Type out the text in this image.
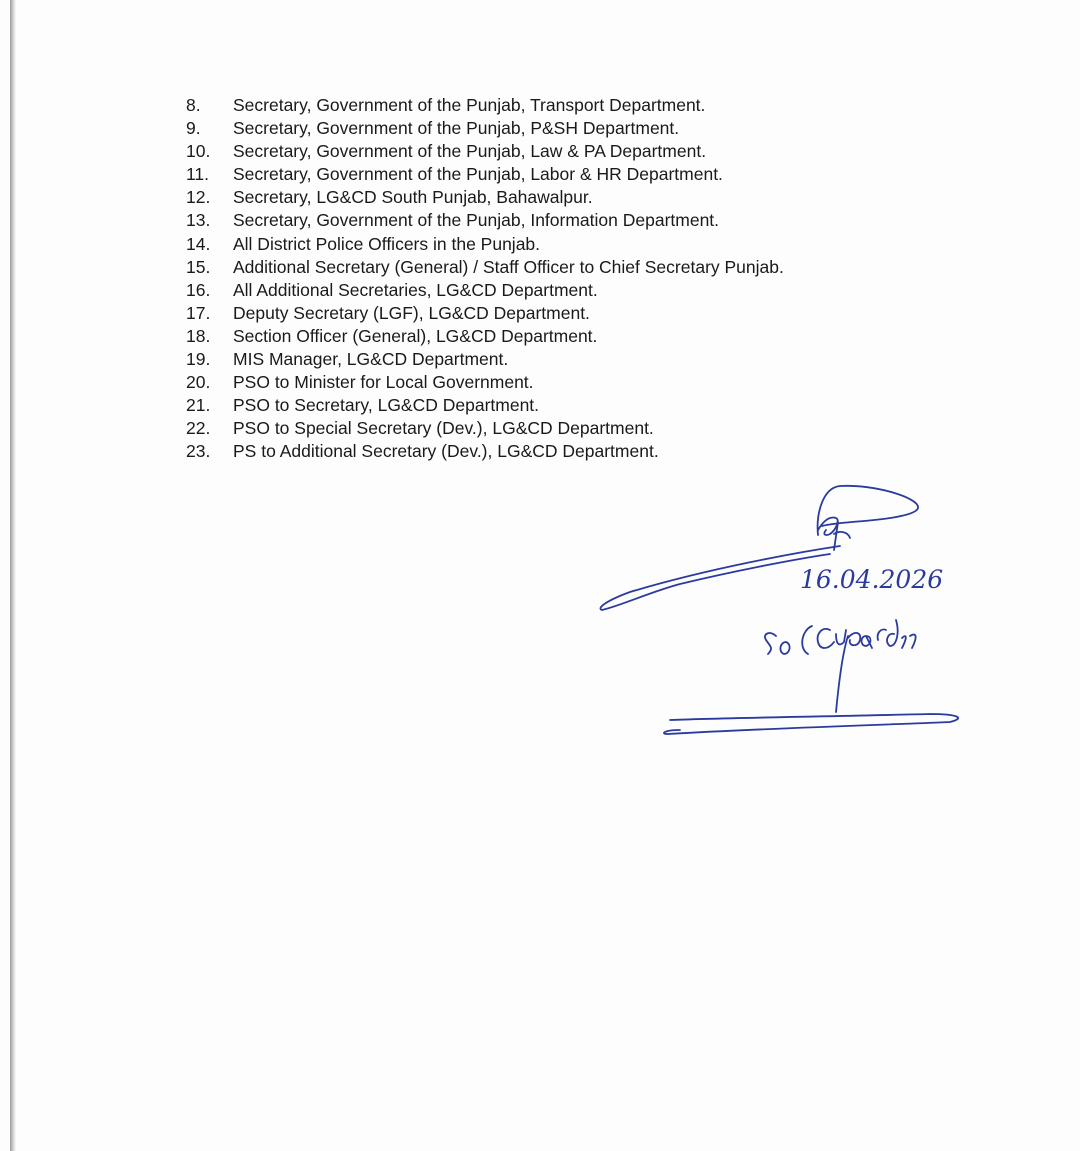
8. Secretary, Government of the Punjab, Transport Department.
9. Secretary, Government of the Punjab, P&SH Department.
10. Secretary, Government of the Punjab, Law & PA Department.
11. Secretary, Government of the Punjab, Labor & HR Department.
12. Secretary, LG&CD South Punjab, Bahawalpur.
13. Secretary, Government of the Punjab, Information Department.
14. All District Police Officers in the Punjab.
15. Additional Secretary (General) / Staff Officer to Chief Secretary Punjab.
16. All Additional Secretaries, LG&CD Department.
17. Deputy Secretary (LGF), LG&CD Department.
18. Section Officer (General), LG&CD Department.
19. MIS Manager, LG&CD Department.
20. PSO to Minister for Local Government.
21. PSO to Secretary, LG&CD Department.
22. PSO to Special Secretary (Dev.), LG&CD Department.
23. PS to Additional Secretary (Dev.), LG&CD Department.
16.04.2026
